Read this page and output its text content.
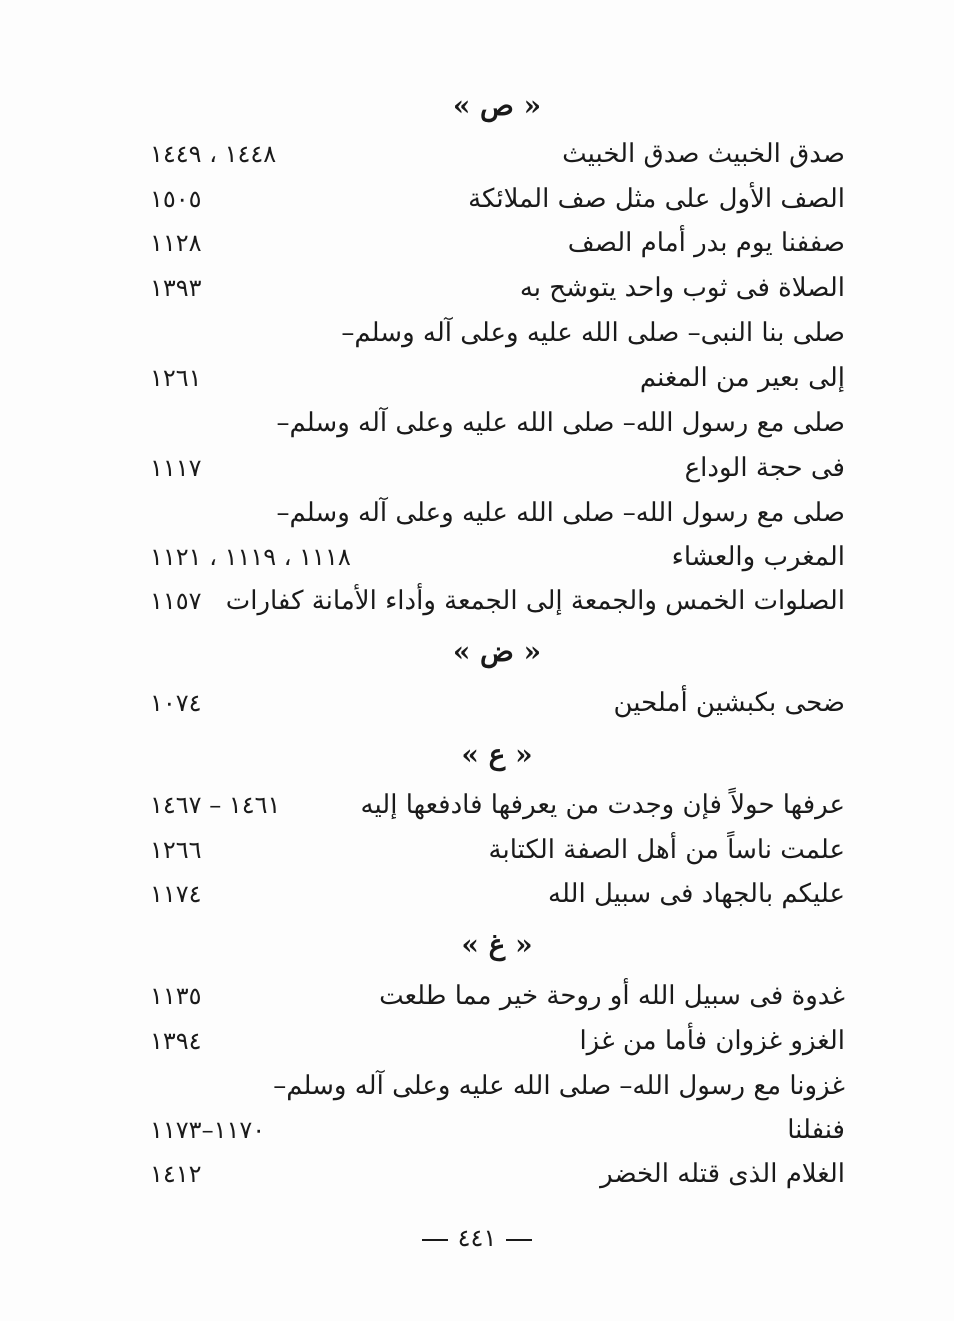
« ص »
صدق الخبيث صدق الخبيث
١٤٤٨ ، ١٤٤٩
الصف الأول على مثل صف الملائكة
١٥٠٥
صففنا يوم بدر أمام الصف
١١٢٨
الصلاة فى ثوب واحد يتوشح به
١٣٩٣
صلى بنا النبى– صلى الله عليه وعلى آله وسلم–
إلى بعير من المغنم
١٢٦١
صلى مع رسول الله– صلى الله عليه وعلى آله وسلم–
فى حجة الوداع
١١١٧
صلى مع رسول الله– صلى الله عليه وعلى آله وسلم–
المغرب والعشاء
١١١٨ ، ١١١٩ ، ١١٢١
الصلوات الخمس والجمعة إلى الجمعة وأداء الأمانة كفارات
١١٥٧
« ض »
ضحى بكبشين أملحين
١٠٧٤
« ع »
عرفها حولاً فإن وجدت من يعرفها فادفعها إليه
١٤٦١ – ١٤٦٧
علمت ناساً من أهل الصفة الكتابة
١٢٦٦
عليكم بالجهاد فى سبيل الله
١١٧٤
« غ »
غدوة فى سبيل الله أو روحة خير مما طلعت
١١٣٥
الغزو غزوان فأما من غزا
١٣٩٤
غزونا مع رسول الله– صلى الله عليه وعلى آله وسلم–
فنفلنا
١١٧٠–١١٧٣
الغلام الذى قتله الخضر
١٤١٢
٤٤١
